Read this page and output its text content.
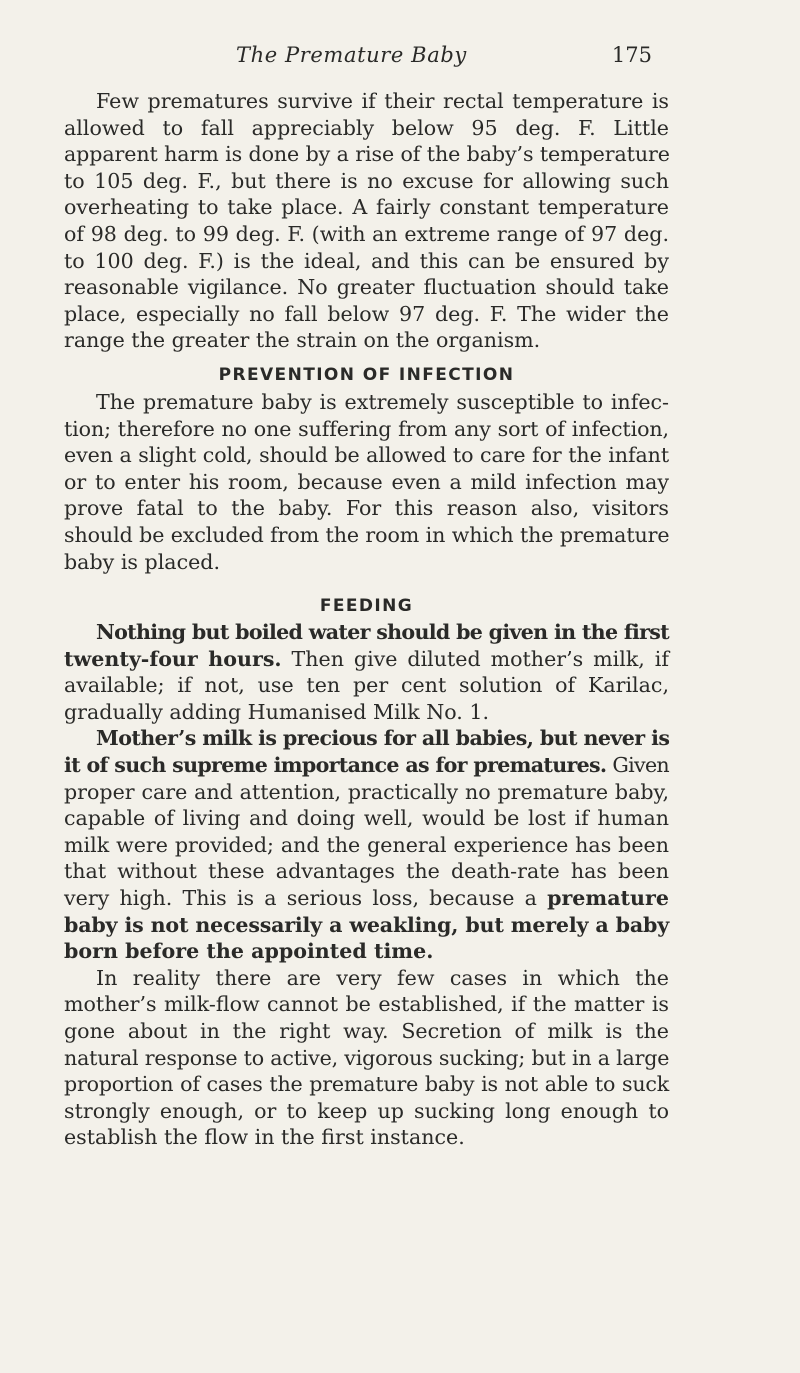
The Premature Baby	175
Few prematures survive if their rectal temperature is
allowed to fall appreciably below 95 deg. F. Little
apparent harm is done by a rise of the baby’s temperature
to 105 deg. F., but there is no excuse for allowing such
overheating to take place. A fairly constant temperature
of 98 deg. to 99 deg. F. (with an extreme range of 97 deg.
to 100 deg. F.) is the ideal, and this can be ensured by
reasonable vigilance. No greater fluctuation should take
place, especially no fall below 97 deg. F. The wider the
range the greater the strain on the organism.
PREVENTION OF INFECTION
The premature baby is extremely susceptible to infec-
tion; therefore no one suffering from any sort of infection,
even a slight cold, should be allowed to care for the infant
or to enter his room, because even a mild infection may
prove fatal to the baby. For this reason also, visitors
should be excluded from the room in which the premature
baby is placed.
FEEDING
Nothing but boiled water should be given in the first
twenty-four hours. Then give diluted mother’s milk, if
available; if not, use ten per cent solution of Karilac,
gradually adding Humanised Milk No. 1.
Mother’s milk is precious for all babies, but never is
it of such supreme importance as for prematures. Given
proper care and attention, practically no premature baby,
capable of living and doing well, would be lost if human
milk were provided; and the general experience has been
that without these advantages the death-rate has been
very high. This is a serious loss, because a premature
baby is not necessarily a weakling, but merely a baby
born before the appointed time.
In reality there are very few cases in which the
mother’s milk-flow cannot be established, if the matter is
gone about in the right way. Secretion of milk is the
natural response to active, vigorous sucking; but in a large
proportion of cases the premature baby is not able to suck
strongly enough, or to keep up sucking long enough to
establish the flow in the first instance.
